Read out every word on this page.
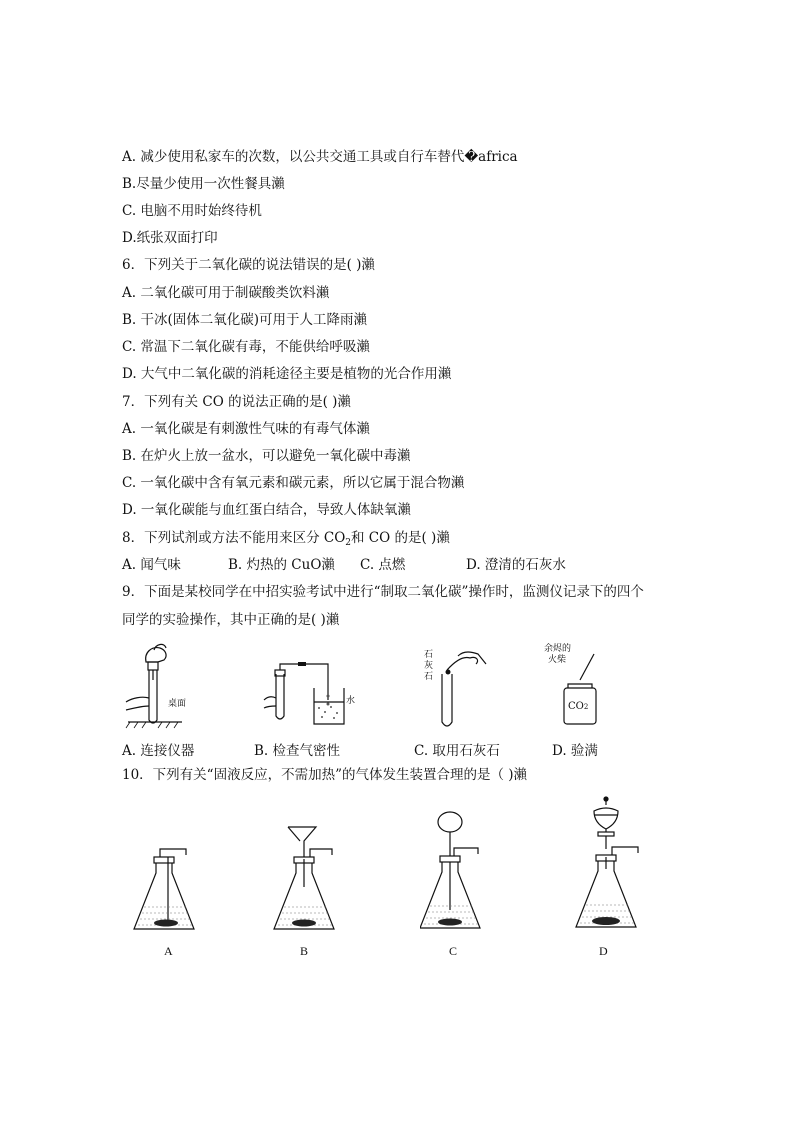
A. 减少使用私家车的次数，以公共交通工具或自行车替代�africa
B.尽量少使用一次性餐具瀨
C. 电脑不用时始终待机
D.纸张双面打印
6．下列关于二氧化碳的说法错误的是( )瀨
A. 二氧化碳可用于制碳酸类饮料瀨
B. 干冰(固体二氧化碳)可用于人工降雨瀨
C. 常温下二氧化碳有毒，不能供给呼吸瀨
D. 大气中二氧化碳的消耗途径主要是植物的光合作用瀨
7．下列有关 CO 的说法正确的是( )瀨
A. 一氧化碳是有刺激性气味的有毒气体瀨
B. 在炉火上放一盆水，可以避免一氧化碳中毒瀨
C. 一氧化碳中含有氧元素和碳元素，所以它属于混合物瀨
D. 一氧化碳能与血红蛋白结合，导致人体缺氧瀨
8．下列试剂或方法不能用来区分 $CO_2$和 CO 的是( )瀨
A. 闻气味	B. 灼热的 CuO瀨 C. 点燃	D. 澄清的石灰水
9．下面是某校同学在中招实验考试中进行“制取二氧化碳”操作时，监测仪记录下的四个
同学的实验操作，其中正确的是( )瀨
桌面	水
石
灰
石
余烬的
火柴
CO2
A. 连接仪器	B. 检查气密性	C. 取用石灰石	D. 验满
10．下列有关“固液反应，不需加热”的气体发生装置合理的是（ )瀨
A	B	C	D
